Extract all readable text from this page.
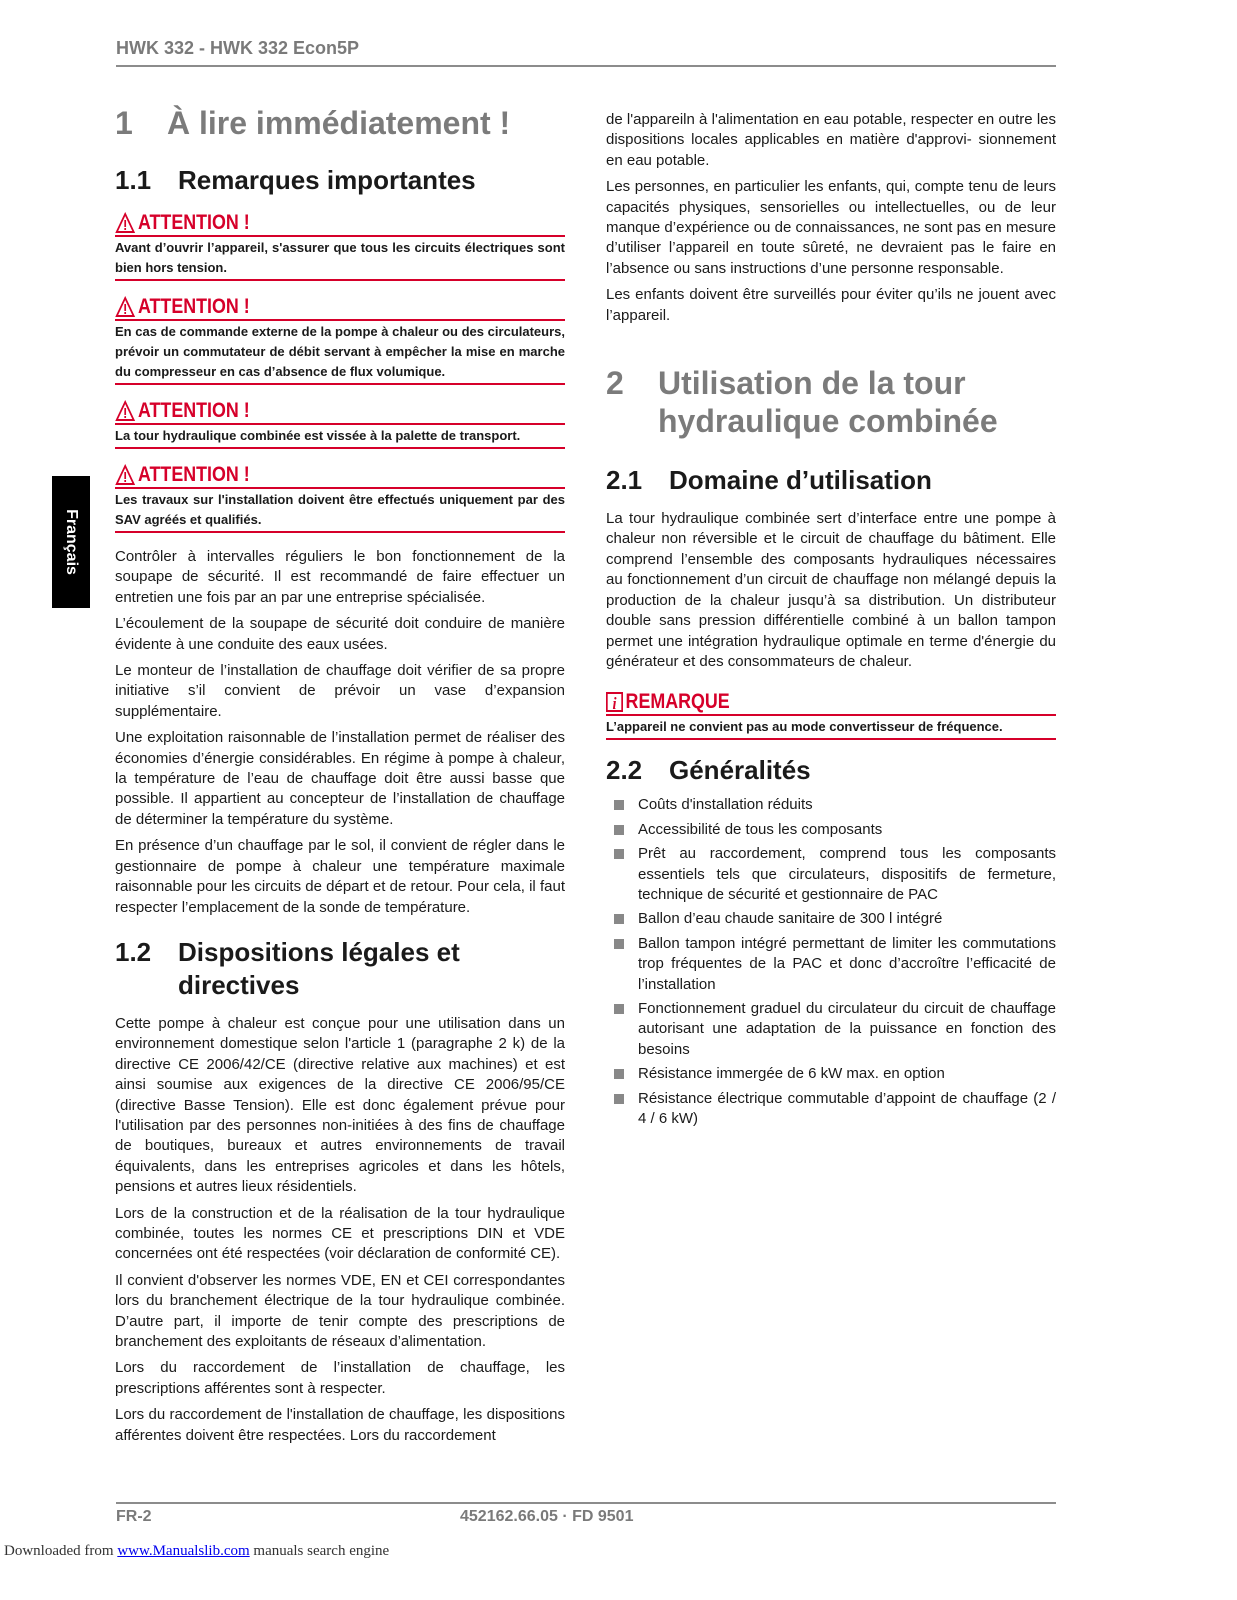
HWK 332 - HWK 332 Econ5P
Français
1	À lire immédiatement !
1.1	Remarques importantes
ATTENTION !
Avant d’ouvrir l’appareil, s'assurer que tous les circuits électriques sont bien hors tension.
ATTENTION !
En cas de commande externe de la pompe à chaleur ou des circulateurs, prévoir un commutateur de débit servant à empêcher la mise en marche du compresseur en cas d’absence de flux volumique.
ATTENTION !
La tour hydraulique combinée est vissée à la palette de transport.
ATTENTION !
Les travaux sur l'installation doivent être effectués uniquement par des SAV agréés et qualifiés.

Contrôler à intervalles réguliers le bon fonctionnement de la soupape de sécurité. Il est recommandé de faire effectuer un entretien une fois par an par une entreprise spécialisée.

L’écoulement de la soupape de sécurité doit conduire de manière évidente à une conduite des eaux usées.

Le monteur de l’installation de chauffage doit vérifier de sa propre initiative s’il convient de prévoir un vase d’expansion supplémentaire.

Une exploitation raisonnable de l’installation permet de réaliser des économies d’énergie considérables. En régime à pompe à chaleur, la température de l’eau de chauffage doit être aussi basse que possible. Il appartient au concepteur de l’installation de chauffage de déterminer la température du système.

En présence d’un chauffage par le sol, il convient de régler dans le gestionnaire de pompe à chaleur une température maximale raisonnable pour les circuits de départ et de retour. Pour cela, il faut respecter l’emplacement de la sonde de température.

1.2	Dispositions légales et directives

Cette pompe à chaleur est conçue pour une utilisation dans un environnement domestique selon l'article 1 (paragraphe 2 k) de la directive CE 2006/42/CE (directive relative aux machines) et est ainsi soumise aux exigences de la directive CE 2006/95/CE (directive Basse Tension). Elle est donc également prévue pour l'utilisation par des personnes non-initiées à des fins de chauffage de boutiques, bureaux et autres environnements de travail équivalents, dans les entreprises agricoles et dans les hôtels, pensions et autres lieux résidentiels.

Lors de la construction et de la réalisation de la tour hydraulique combinée, toutes les normes CE et prescriptions DIN et VDE concernées ont été respectées (voir déclaration de conformité CE).

Il convient d'observer les normes VDE, EN et CEI correspondantes lors du branchement électrique de la tour hydraulique combinée. D’autre part, il importe de tenir compte des prescriptions de branchement des exploitants de réseaux d’alimentation.

Lors du raccordement de l’installation de chauffage, les prescriptions afférentes sont à respecter.

Lors du raccordement de l'installation de chauffage, les dispositions afférentes doivent être respectées. Lors du raccordement

de l'appareiln à l'alimentation en eau potable, respecter en outre les dispositions locales applicables en matière d'approvi- sionnement en eau potable.

Les personnes, en particulier les enfants, qui, compte tenu de leurs capacités physiques, sensorielles ou intellectuelles, ou de leur manque d’expérience ou de connaissances, ne sont pas en mesure d’utiliser l’appareil en toute sûreté, ne devraient pas le faire en l’absence ou sans instructions d’une personne responsable.

Les enfants doivent être surveillés pour éviter qu’ils ne jouent avec l’appareil.

2	Utilisation de la tour hydraulique combinée
2.1	Domaine d’utilisation

La tour hydraulique combinée sert d’interface entre une pompe à chaleur non réversible et le circuit de chauffage du bâtiment. Elle comprend l’ensemble des composants hydrauliques nécessaires au fonctionnement d’un circuit de chauffage non mélangé depuis la production de la chaleur jusqu’à sa distribution. Un distributeur double sans pression différentielle combiné à un ballon tampon permet une intégration hydraulique optimale en terme d'énergie du générateur et des consommateurs de chaleur.

i REMARQUE
L’appareil ne convient pas au mode convertisseur de fréquence.
2.2	Généralités
Coûts d'installation réduits
Accessibilité de tous les composants
Prêt au raccordement, comprend tous les composants essentiels tels que circulateurs, dispositifs de fermeture, technique de sécurité et gestionnaire de PAC
Ballon d’eau chaude sanitaire de 300 l intégré
Ballon tampon intégré permettant de limiter les commutations trop fréquentes de la PAC et donc d’accroître l’efficacité de l’installation
Fonctionnement graduel du circulateur du circuit de chauffage autorisant une adaptation de la puissance en fonction des besoins
Résistance immergée de 6 kW max. en option
Résistance électrique commutable d’appoint de chauffage (2 / 4 / 6 kW)
FR-2	452162.66.05 · FD 9501
Downloaded from www.Manualslib.com manuals search engine
